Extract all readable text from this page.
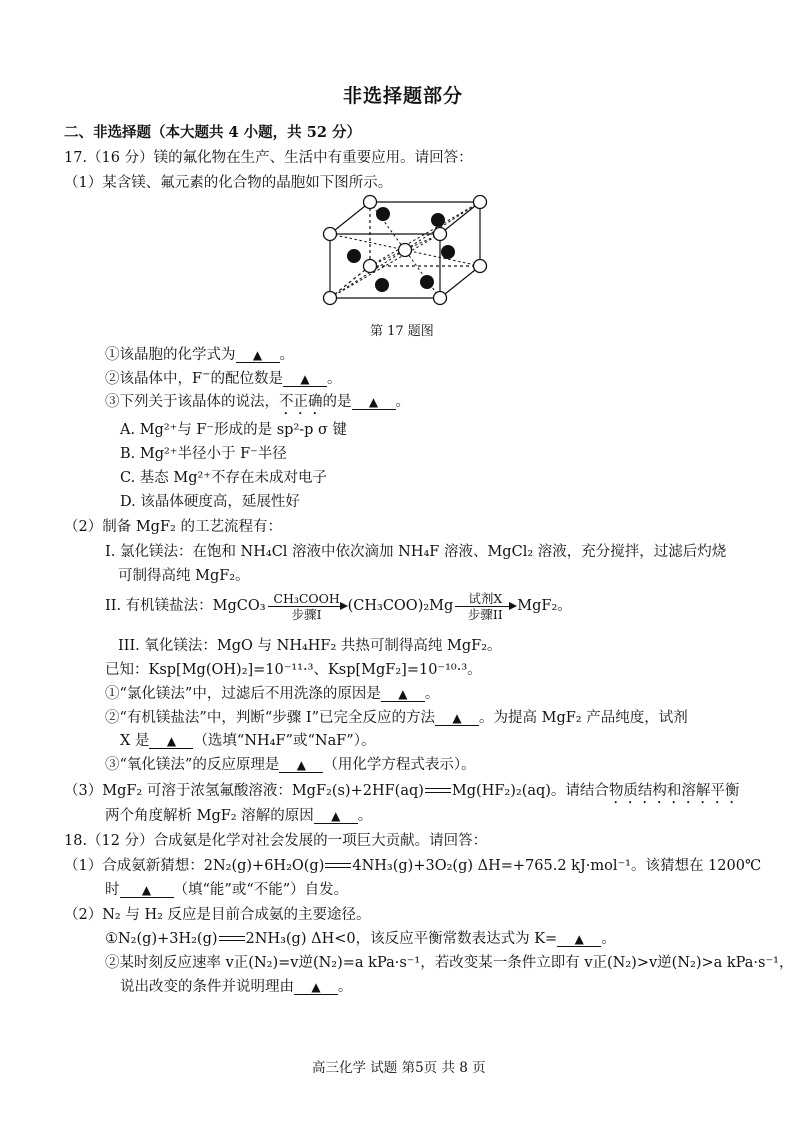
非选择题部分
二、非选择题（本大题共 4 小题，共 52 分）
17.（16 分）镁的氟化物在生产、生活中有重要应用。请回答：
（1）某含镁、氟元素的化合物的晶胞如下图所示。
第 17 题图
①该晶胞的化学式为 ▲ 。
②该晶体中，F−的配位数是 ▲ 。
③下列关于该晶体的说法，不正确的是 ▲ 。
A. Mg²⁺与 F⁻形成的是 sp²-p σ 键
B. Mg²⁺半径小于 F⁻半径
C. 基态 Mg²⁺不存在未成对电子
D. 该晶体硬度高，延展性好
（2）制备 MgF₂ 的工艺流程有：
I. 氯化镁法：在饱和 NH₄Cl 溶液中依次滴加 NH₄F 溶液、MgCl₂ 溶液，充分搅拌，过滤后灼烧
可制得高纯 MgF₂。
II. 有机镁盐法：MgCO₃ CH₃COOH
步骤I	(CH₃COO)₂Mg	试剂X
步骤II	MgF₂。
III. 氧化镁法：MgO 与 NH₄HF₂ 共热可制得高纯 MgF₂。
已知：Ksp[Mg(OH)₂]=10⁻¹¹·³、Ksp[MgF₂]=10⁻¹⁰·³。
①“氯化镁法”中，过滤后不用洗涤的原因是 ▲ 。
②“有机镁盐法”中，判断“步骤 I”已完全反应的方法 ▲ 。为提高 MgF₂ 产品纯度，试剂
X 是 ▲ （选填“NH₄F”或“NaF”）。
③“氧化镁法”的反应原理是 ▲ （用化学方程式表示）。
（3）MgF₂ 可溶于浓氢氟酸溶液：MgF₂(s)+2HF(aq) Mg(HF₂)₂(aq)。请结合物质结构和溶解平衡
两个角度解析 MgF₂ 溶解的原因 ▲ 。
18.（12 分）合成氨是化学对社会发展的一项巨大贡献。请回答：
（1）合成氨新猜想：2N₂(g)+6H₂O(g) 4NH₃(g)+3O₂(g) ΔH=+765.2 kJ·mol⁻¹。该猜想在 1200℃
时 ▲ （填“能”或“不能”）自发。
（2）N₂ 与 H₂ 反应是目前合成氨的主要途径。
①N₂(g)+3H₂(g) 2NH₃(g) ΔH<0，该反应平衡常数表达式为 K= ▲ 。
②某时刻反应速率 v正(N₂)=v逆(N₂)=a kPa·s⁻¹，若改变某一条件立即有 v正(N₂)>v逆(N₂)>a kPa·s⁻¹，
说出改变的条件并说明理由 ▲ 。
高三化学 试题 第5页 共 8 页
